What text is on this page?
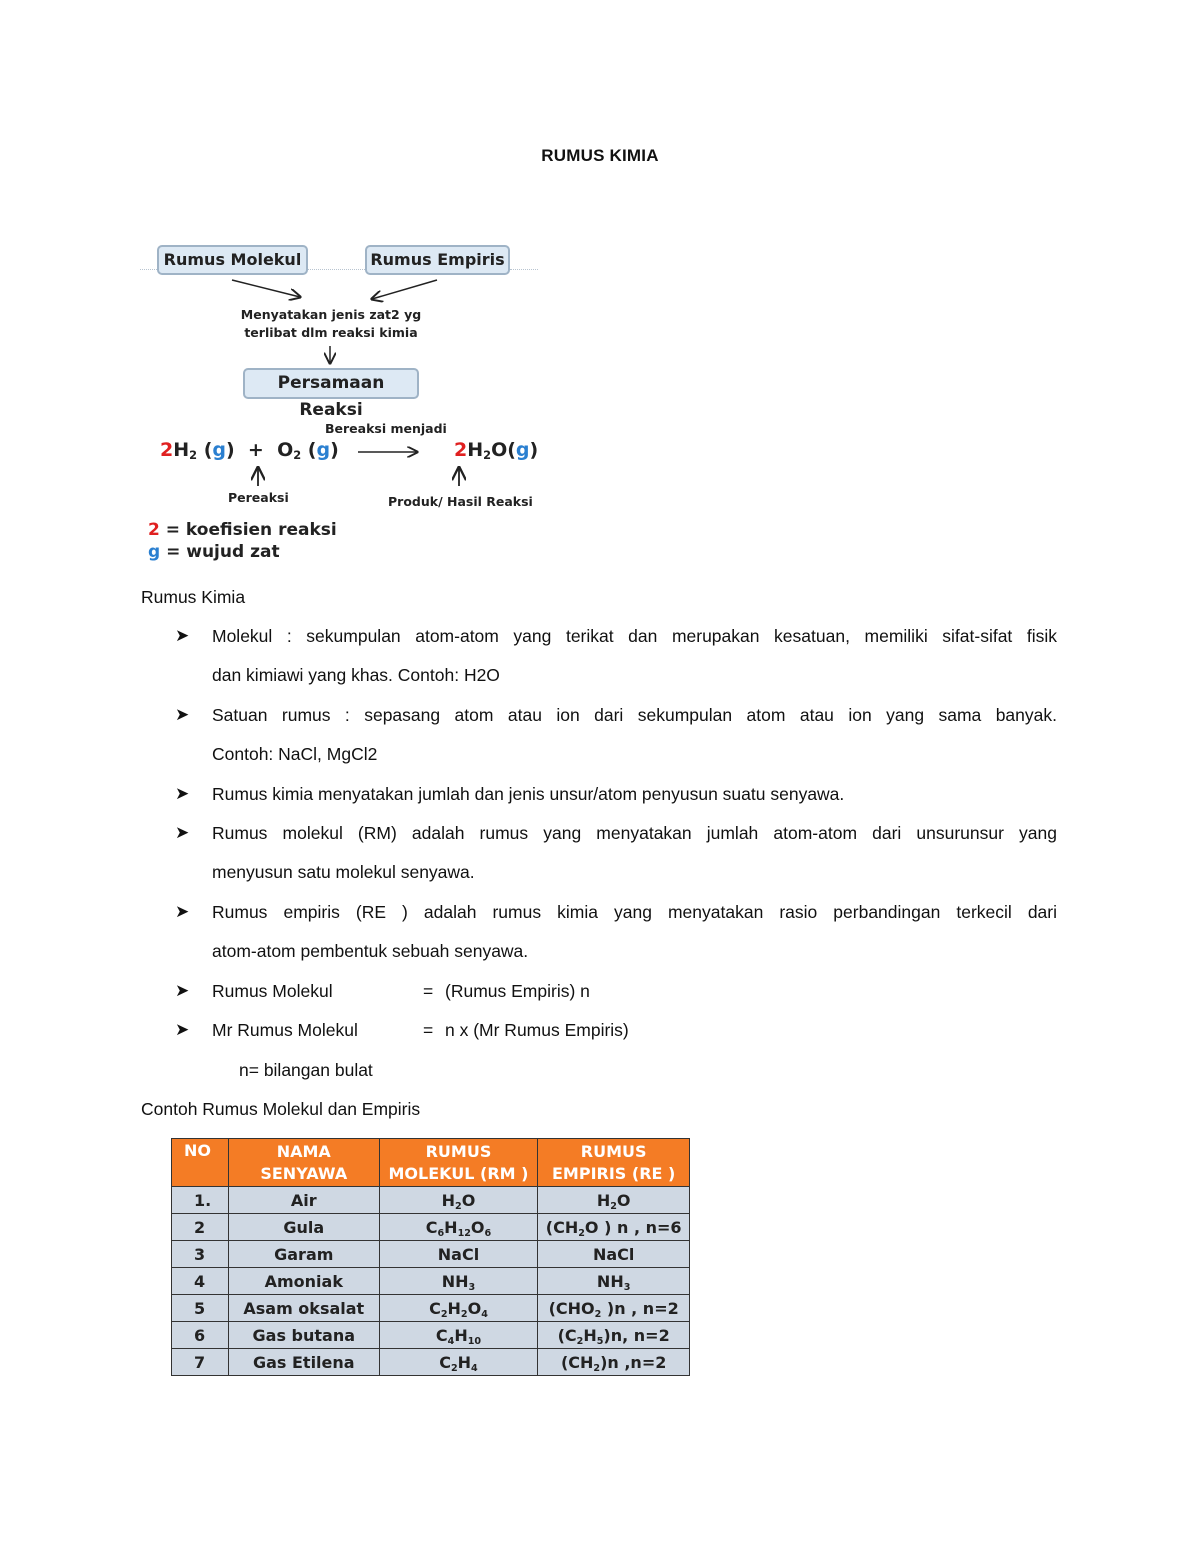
RUMUS KIMIA
Rumus Molekul	Rumus Empiris
Menyatakan jenis zat2 yg
terlibat dlm reaksi kimia
Persamaan Reaksi
Bereaksi menjadi
$2H_2$ $(g) + O_2$ (g)	$2H_2O(g)$
Pereaksi	Produk/ Hasil Reaksi
2 = koefisien reaksi
g = wujud zat
Rumus Kimia
➤ Molekul : sekumpulan atom-atom yang terikat dan merupakan kesatuan, memiliki sifat-sifat fisik
dan kimiawi yang khas. Contoh: H2O
➤ Satuan rumus : sepasang atom atau ion dari sekumpulan atom atau ion yang sama banyak.
Contoh: NaCl, MgCl2
➤ Rumus kimia menyatakan jumlah dan jenis unsur/atom penyusun suatu senyawa.
➤ Rumus molekul (RM) adalah rumus yang menyatakan jumlah atom-atom dari unsurunsur yang
menyusun satu molekul senyawa.
➤ Rumus empiris (RE ) adalah rumus kimia yang menyatakan rasio perbandingan terkecil dari
atom-atom pembentuk sebuah senyawa.
➤ Rumus Molekul	= (Rumus Empiris) n
➤ Mr Rumus Molekul	= n x (Mr Rumus Empiris)
n= bilangan bulat
Contoh Rumus Molekul dan Empiris
NO	NAMA SENYAWA	RUMUS MOLEKUL (RM )	RUMUS EMPIRIS (RE )
1.	Air	$H_2O$	$H_2O$
2	Gula	$C_6H_{12}O_6$	($CH_2O$ ) n , n=6
3	Garam	NaCl	NaCl
4	Amoniak	$NH_3$	$NH_3$
5	Asam oksalat	$C_2H_2O_4$	($CHO_2$ )n , n=2
6	Gas butana	$C_4H_{10}$	$(C_2H_5)n$, n=2
7	Gas Etilena	$C_2H_4$	$(CH_2)n$ ,n=2
